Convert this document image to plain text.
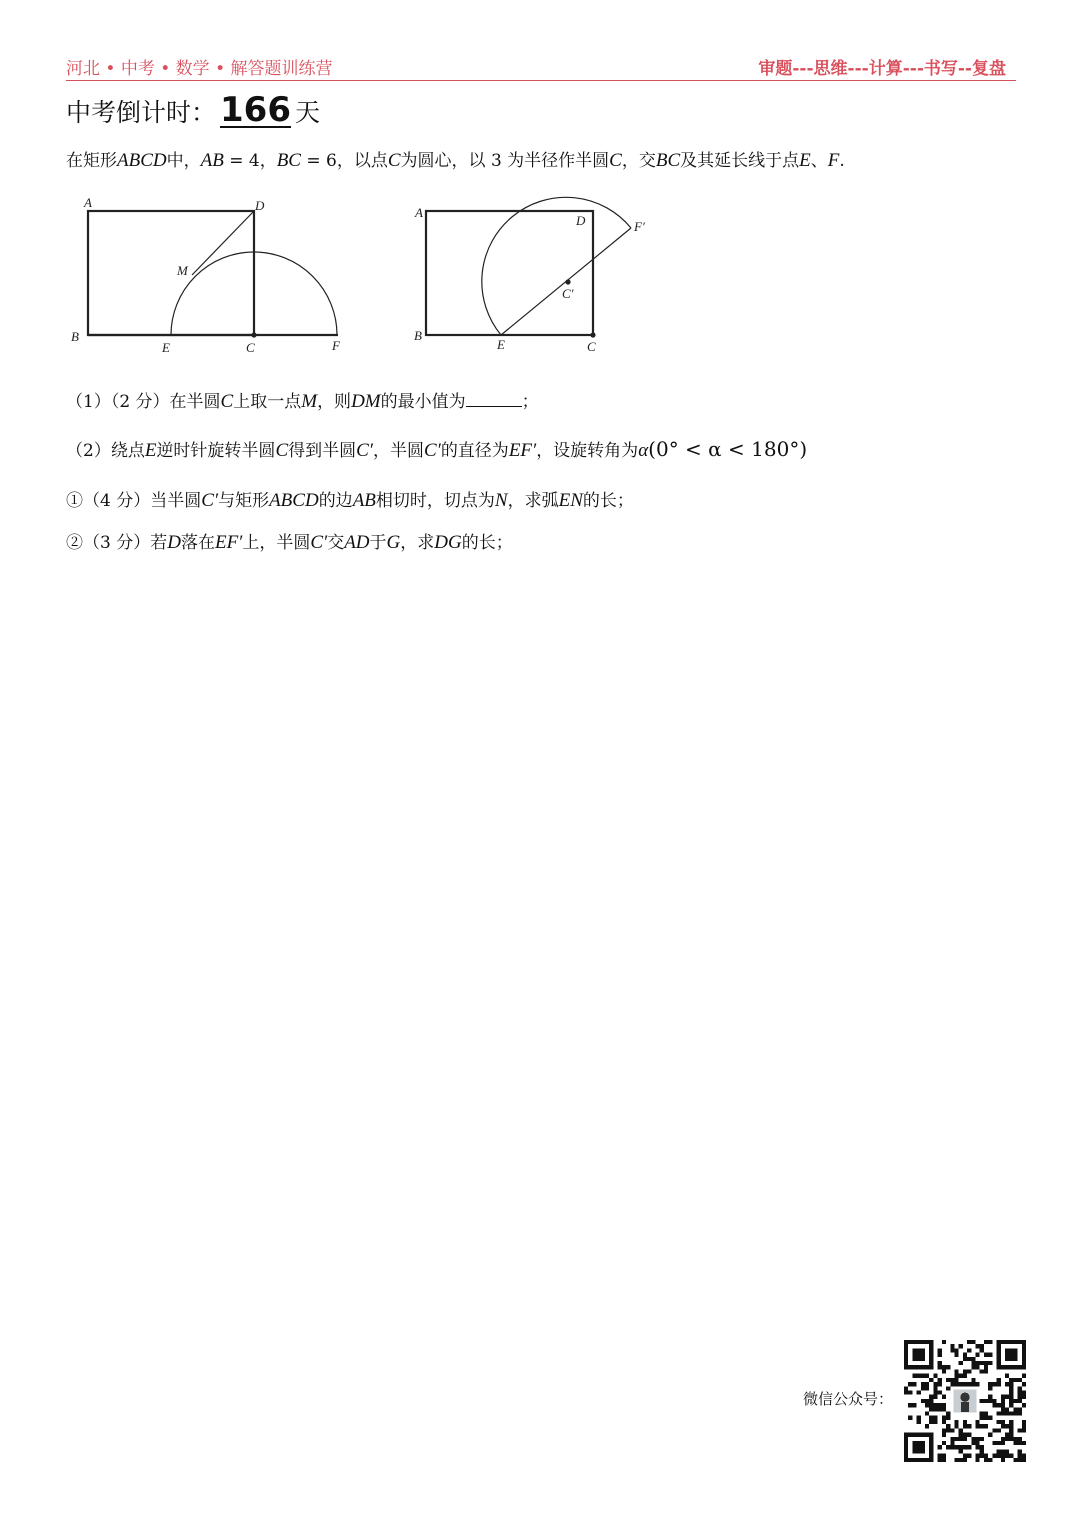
河北 • 中考 • 数学 • 解答题训练营	审题---思维---计算---书写--复盘
中考倒计时： 166 天
在矩形ABCD中，AB = 4，BC = 6，以点C为圆心，以 3 为半径作半圆C，交BC及其延长线于点E、F.
A	D
M
B
E	C	F
A
D	F′
C′
B
E	C
（1）（2 分）在半圆C上取一点M，则DM的最小值为	；
（2）绕点E逆时针旋转半圆C得到半圆C′，半圆C′的直径为EF′，设旋转角为α(0° < α < 180°)
①（4 分）当半圆C′与矩形ABCD的边AB相切时，切点为N，求弧EN的长；
②（3 分）若D落在EF′上，半圆C′交AD于G，求DG的长；
微信公众号：
